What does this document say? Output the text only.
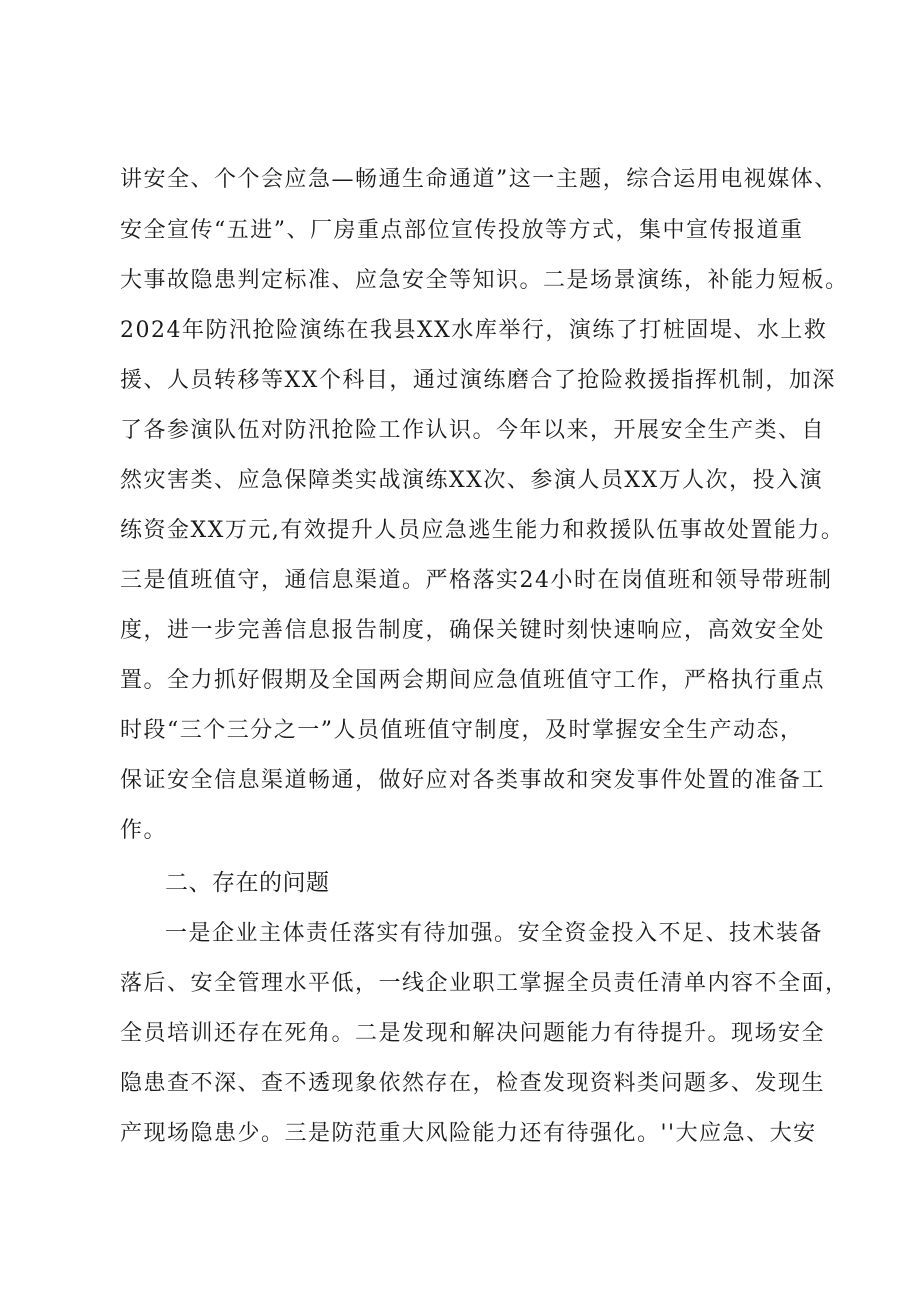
讲安全、个个会应急—畅通生命通道”这一主题，综合运用电视媒体、
安全宣传“五进”、厂房重点部位宣传投放等方式，集中宣传报道重
大事故隐患判定标准、应急安全等知识。二是场景演练，补能力短板。
2024年防汛抢险演练在我县XX水库举行，演练了打桩固堤、水上救
援、人员转移等XX个科目，通过演练磨合了抢险救援指挥机制，加深
了各参演队伍对防汛抢险工作认识。今年以来，开展安全生产类、自
然灾害类、应急保障类实战演练XX次、参演人员XX万人次，投入演
练资金XX万元,有效提升人员应急逃生能力和救援队伍事故处置能力。
三是值班值守，通信息渠道。严格落实24小时在岗值班和领导带班制
度，进一步完善信息报告制度，确保关键时刻快速响应，高效安全处
置。全力抓好假期及全国两会期间应急值班值守工作，严格执行重点
时段“三个三分之一”人员值班值守制度，及时掌握安全生产动态，
保证安全信息渠道畅通，做好应对各类事故和突发事件处置的准备工
作。
二、存在的问题
一是企业主体责任落实有待加强。安全资金投入不足、技术装备
落后、安全管理水平低，一线企业职工掌握全员责任清单内容不全面，
全员培训还存在死角。二是发现和解决问题能力有待提升。现场安全
隐患查不深、查不透现象依然存在，检查发现资料类问题多、发现生
产现场隐患少。三是防范重大风险能力还有待强化。''大应急、大安
